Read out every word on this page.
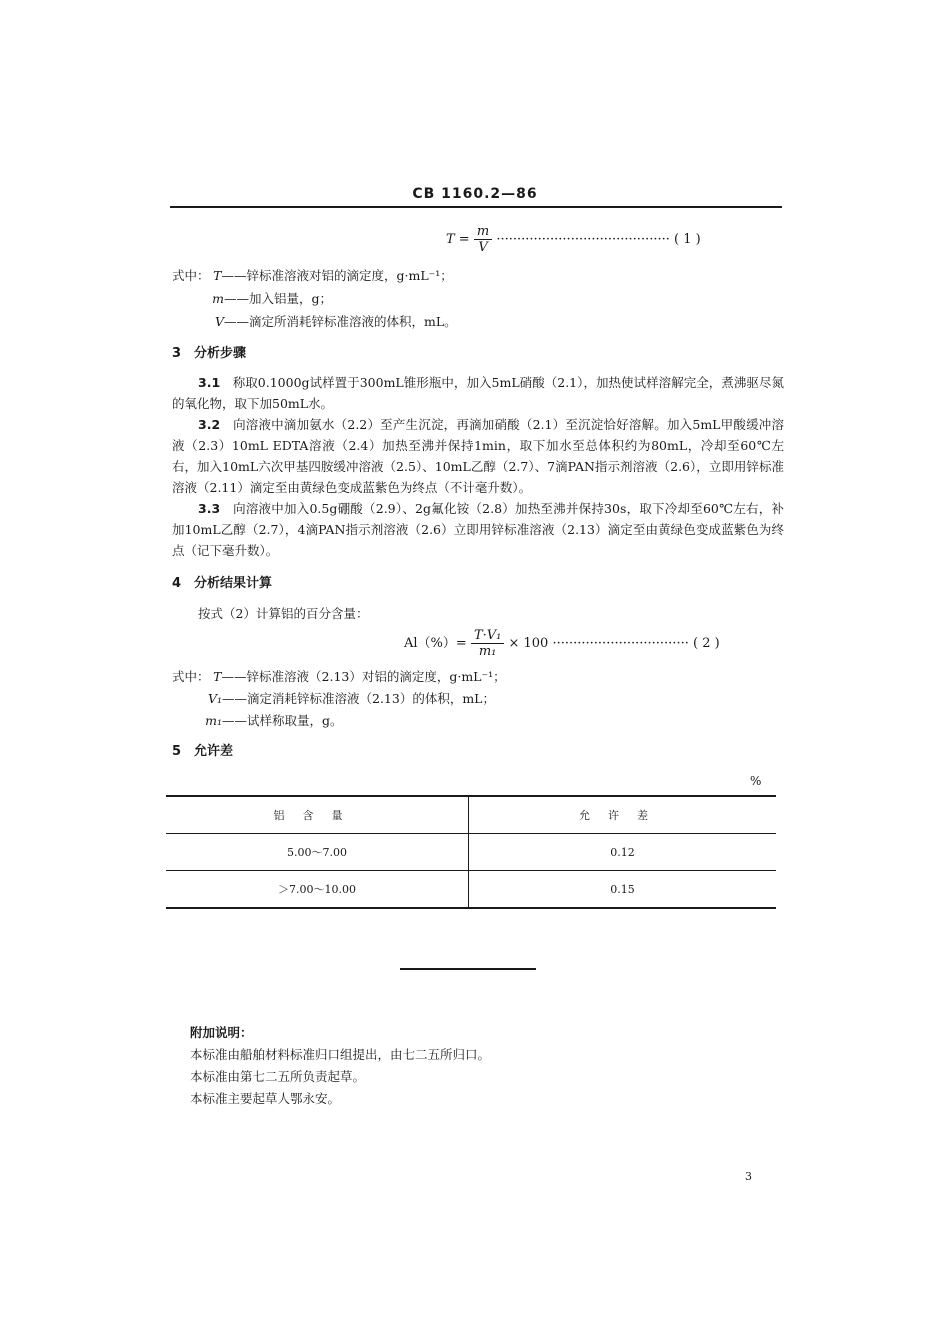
CB 1160.2—86
$T = \frac{m}{V}$ ·········································· ( 1 )
式中： T——锌标准溶液对铝的滴定度，g·mL⁻¹；
m——加入铝量，g；
V——滴定所消耗锌标准溶液的体积，mL。
3　分析步骤
3.1　 称取0.1000g试样置于300mL锥形瓶中，加入5mL硝酸（2.1），加热使试样溶解完全，煮沸驱尽氮的氧化物，取下加50mL水。
3.2　 向溶液中滴加氨水（2.2）至产生沉淀，再滴加硝酸（2.1）至沉淀恰好溶解。加入5mL甲酸缓冲溶液（2.3）10mL EDTA溶液（2.4）加热至沸并保持1min，取下加水至总体积约为80mL，冷却至60℃左右，加入10mL六次甲基四胺缓冲溶液（2.5）、10mL乙醇（2.7）、7滴PAN指示剂溶液（2.6），立即用锌标准溶液（2.11）滴定至由黄绿色变成蓝紫色为终点（不计毫升数）。
3.3　 向溶液中加入0.5g硼酸（2.9）、2g氟化铵（2.8）加热至沸并保持30s，取下冷却至60℃左右，补加10mL乙醇（2.7），4滴PAN指示剂溶液（2.6）立即用锌标准溶液（2.13）滴定至由黄绿色变成蓝紫色为终点（记下毫升数）。
4　分析结果计算
按式（2）计算铝的百分含量：
$Al(\%)= \frac{\text{T·V₁}}{\text{m₁}} \times 100$ ································· ( 2 )
式中： T——锌标准溶液（2.13）对铝的滴定度，g·mL⁻¹；
V₁——滴定消耗锌标准溶液（2.13）的体积，mL；
m₁——试样称取量，g。
5　允许差
%
铝含量	允许差
5.00～7.00	0.12
＞7.00～10.00	0.15
附加说明：
本标准由船舶材料标准归口组提出，由七二五所归口。
本标准由第七二五所负责起草。
本标准主要起草人鄂永安。
3
